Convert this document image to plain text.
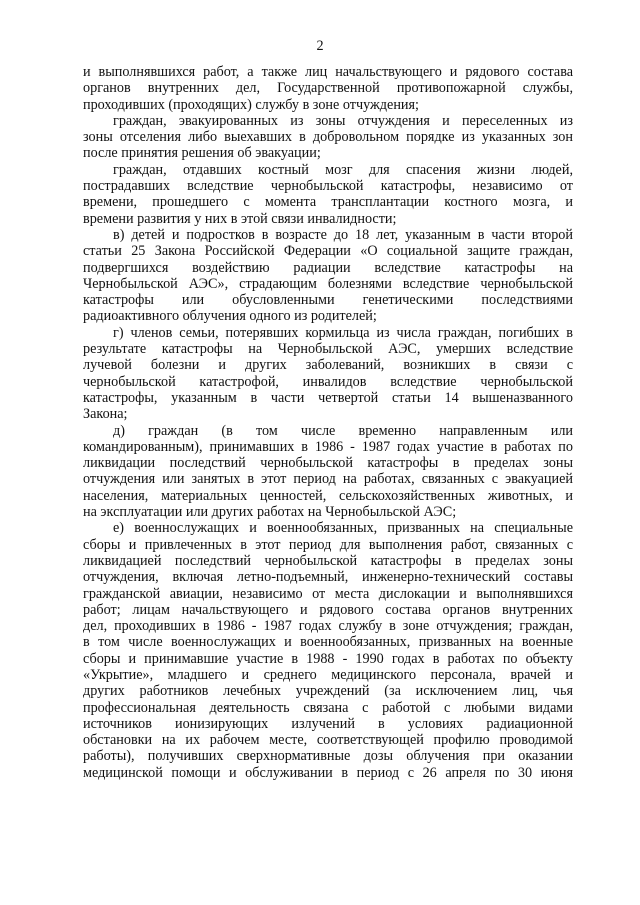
2
и выполнявшихся работ, а также лиц начальствующего и рядового состава
органов внутренних дел, Государственной противопожарной службы,
проходивших (проходящих) службу в зоне отчуждения;
граждан, эвакуированных из зоны отчуждения и переселенных из
зоны отселения либо выехавших в добровольном порядке из указанных зон
после принятия решения об эвакуации;
граждан, отдавших костный мозг для спасения жизни людей,
пострадавших вследствие чернобыльской катастрофы, независимо от
времени, прошедшего с момента трансплантации костного мозга, и
времени развития у них в этой связи инвалидности;
в) детей и подростков в возрасте до 18 лет, указанным в части второй
статьи 25 Закона Российской Федерации «О социальной защите граждан,
подвергшихся воздействию радиации вследствие катастрофы на
Чернобыльской АЭС», страдающим болезнями вследствие чернобыльской
катастрофы или обусловленными генетическими последствиями
радиоактивного облучения одного из родителей;
г) членов семьи, потерявших кормильца из числа граждан, погибших в
результате катастрофы на Чернобыльской АЭС, умерших вследствие
лучевой болезни и других заболеваний, возникших в связи с
чернобыльской катастрофой, инвалидов вследствие чернобыльской
катастрофы, указанным в части четвертой статьи 14 вышеназванного
Закона;
д) граждан (в том числе временно направленным или
командированным), принимавших в 1986 - 1987 годах участие в работах по
ликвидации последствий чернобыльской катастрофы в пределах зоны
отчуждения или занятых в этот период на работах, связанных с эвакуацией
населения, материальных ценностей, сельскохозяйственных животных, и
на эксплуатации или других работах на Чернобыльской АЭС;
е) военнослужащих и военнообязанных, призванных на специальные
сборы и привлеченных в этот период для выполнения работ, связанных с
ликвидацией последствий чернобыльской катастрофы в пределах зоны
отчуждения, включая летно-подъемный, инженерно-технический составы
гражданской авиации, независимо от места дислокации и выполнявшихся
работ; лицам начальствующего и рядового состава органов внутренних
дел, проходивших в 1986 - 1987 годах службу в зоне отчуждения; граждан,
в том числе военнослужащих и военнообязанных, призванных на военные
сборы и принимавшие участие в 1988 - 1990 годах в работах по объекту
«Укрытие», младшего и среднего медицинского персонала, врачей и
других работников лечебных учреждений (за исключением лиц, чья
профессиональная деятельность связана с работой с любыми видами
источников ионизирующих излучений в условиях радиационной
обстановки на их рабочем месте, соответствующей профилю проводимой
работы), получивших сверхнормативные дозы облучения при оказании
медицинской помощи и обслуживании в период с 26 апреля по 30 июня
